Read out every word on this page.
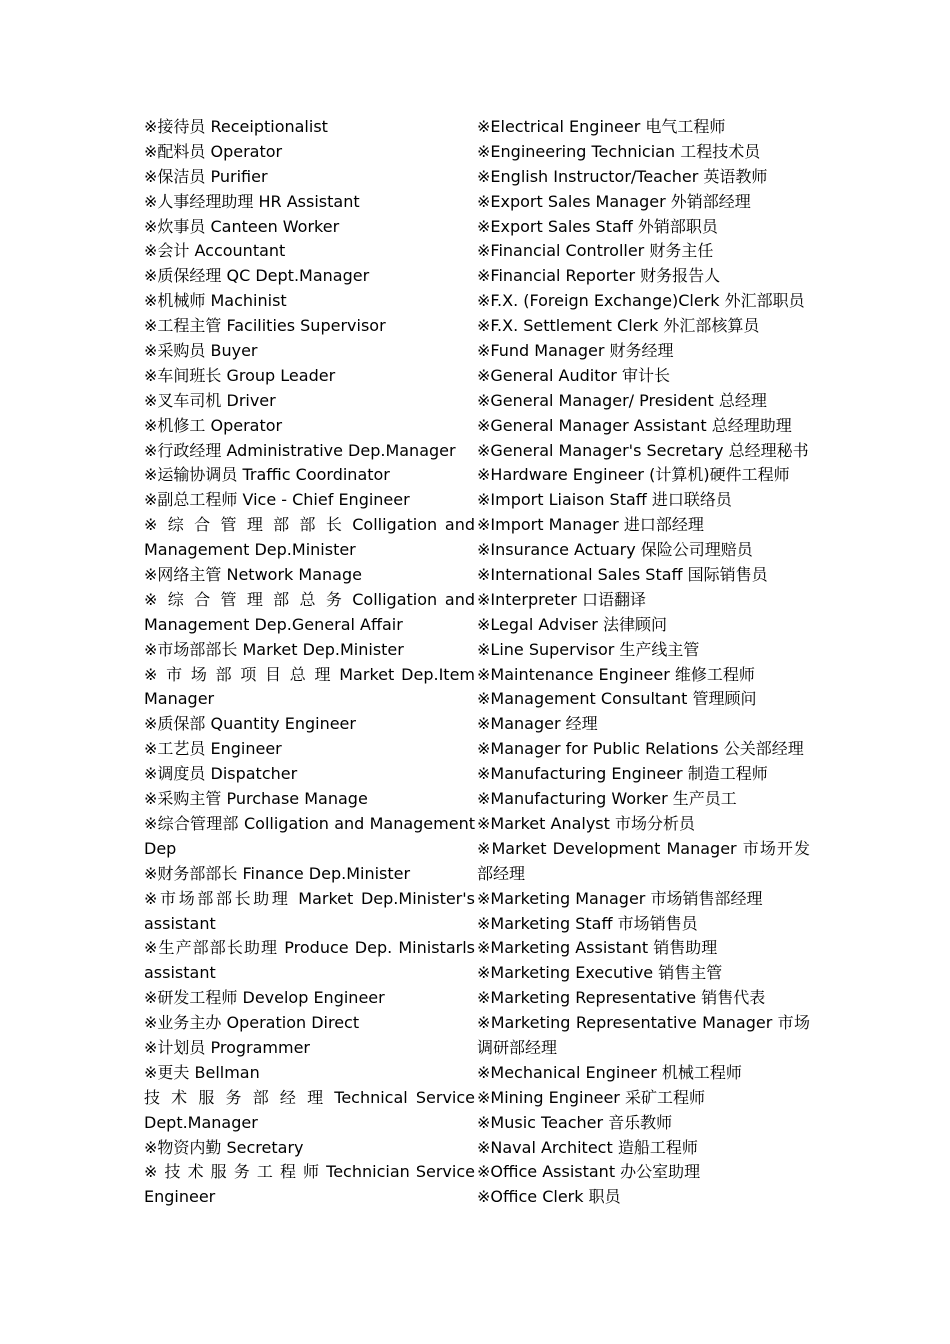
※接待员 Receiptionalist
※配料员 Operator
※保洁员 Purifier
※人事经理助理 HR Assistant
※炊事员 Canteen Worker
※会计 Accountant
※质保经理 QC Dept.Manager
※机械师 Machinist
※工程主管 Facilities Supervisor
※采购员 Buyer
※车间班长 Group Leader
※叉车司机 Driver
※机修工 Operator
※行政经理 Administrative Dep.Manager
※运输协调员 Traffic Coordinator
※副总工程师 Vice - Chief Engineer
※ 综 合 管 理 部 部 长 Colligation and
Management Dep.Minister
※网络主管 Network Manage
※ 综 合 管 理 部 总 务 Colligation and
Management Dep.General Affair
※市场部部长 Market Dep.Minister
※ 市 场 部 项 目 总 理 Market Dep.Item
Manager
※质保部 Quantity Engineer
※工艺员 Engineer
※调度员 Dispatcher
※采购主管 Purchase Manage
※综合管理部 Colligation and Management
Dep
※财务部部长 Finance Dep.Minister
※市场部部长助理 Market Dep.Minister's
assistant
※生产部部长助理 Produce Dep. Ministarls
assistant
※研发工程师 Develop Engineer
※业务主办 Operation Direct
※计划员 Programmer
※更夫 Bellman
技 术 服 务 部 经 理 Technical Service
Dept.Manager
※物资内勤 Secretary
※ 技 术 服 务 工 程 师 Technician Service
Engineer
※Electrical Engineer 电气工程师
※Engineering Technician 工程技术员
※English Instructor/Teacher 英语教师
※Export Sales Manager 外销部经理
※Export Sales Staff 外销部职员
※Financial Controller 财务主任
※Financial Reporter 财务报告人
※F.X. (Foreign Exchange)Clerk 外汇部职员
※F.X. Settlement Clerk 外汇部核算员
※Fund Manager 财务经理
※General Auditor 审计长
※General Manager/ President 总经理
※General Manager Assistant 总经理助理
※General Manager's Secretary 总经理秘书
※Hardware Engineer (计算机)硬件工程师
※Import Liaison Staff 进口联络员
※Import Manager 进口部经理
※Insurance Actuary 保险公司理赔员
※International Sales Staff 国际销售员
※Interpreter 口语翻译
※Legal Adviser 法律顾问
※Line Supervisor 生产线主管
※Maintenance Engineer 维修工程师
※Management Consultant 管理顾问
※Manager 经理
※Manager for Public Relations 公关部经理
※Manufacturing Engineer 制造工程师
※Manufacturing Worker 生产员工
※Market Analyst 市场分析员
※Market Development Manager 市场开发
部经理
※Marketing Manager 市场销售部经理
※Marketing Staff 市场销售员
※Marketing Assistant 销售助理
※Marketing Executive 销售主管
※Marketing Representative 销售代表
※Marketing Representative Manager 市场
调研部经理
※Mechanical Engineer 机械工程师
※Mining Engineer 采矿工程师
※Music Teacher 音乐教师
※Naval Architect 造船工程师
※Office Assistant 办公室助理
※Office Clerk 职员
